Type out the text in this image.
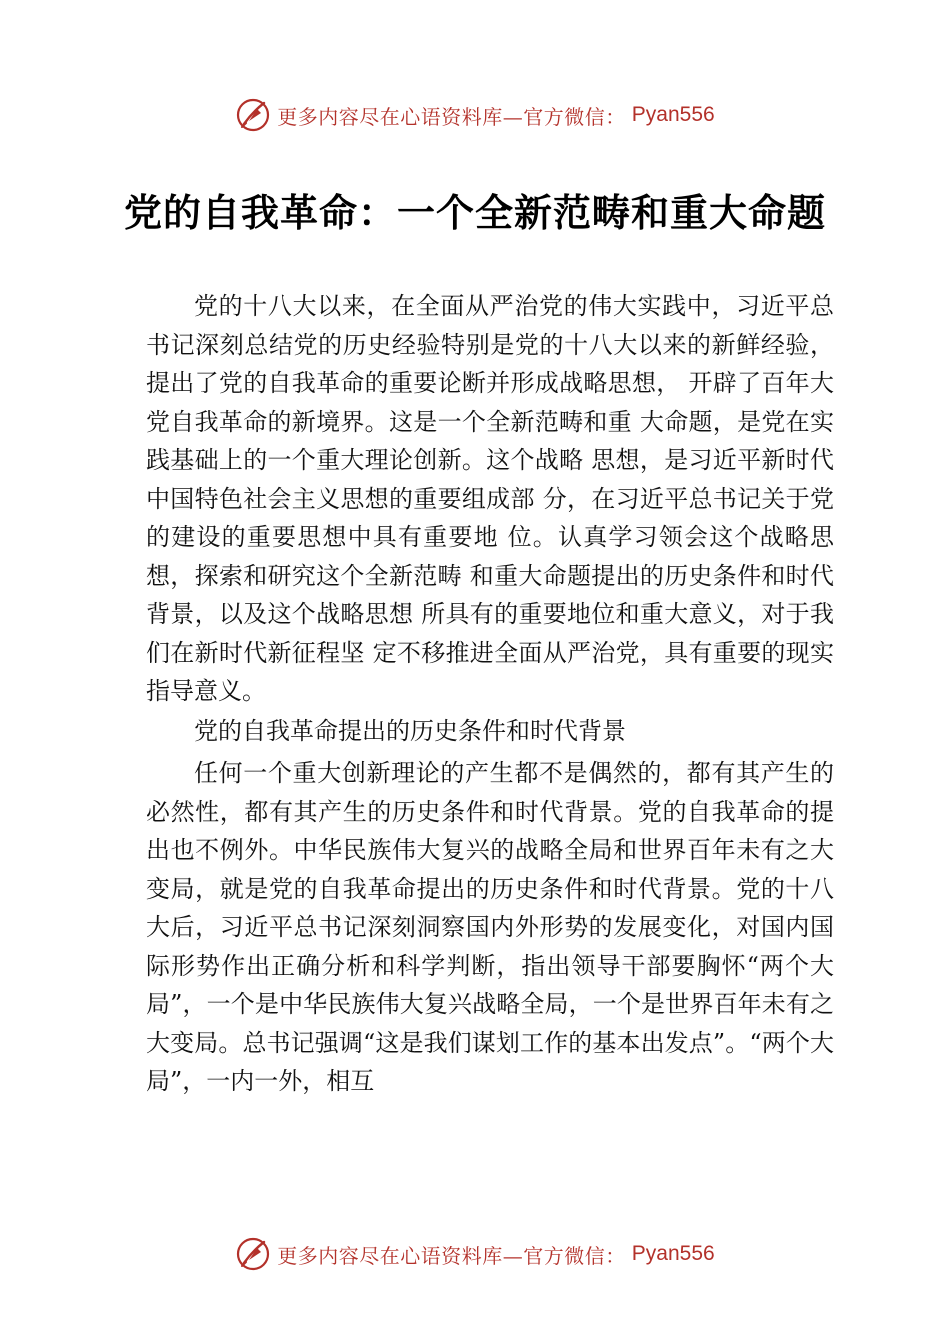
更多内容尽在心语资料库—官方微信： Pyan556
党的自我革命：一个全新范畴和重大命题

党的十八大以来，在全面从严治党的伟大实践中，习近平总书记深刻总结党的历史经验特别是党的十八大以来的新鲜经验，提出了党的自我革命的重要论断并形成战略思想， 开辟了百年大党自我革命的新境界。这是一个全新范畴和重 大命题，是党在实践基础上的一个重大理论创新。这个战略 思想，是习近平新时代中国特色社会主义思想的重要组成部 分，在习近平总书记关于党的建设的重要思想中具有重要地 位。认真学习领会这个战略思想，探索和研究这个全新范畴 和重大命题提出的历史条件和时代背景，以及这个战略思想 所具有的重要地位和重大意义，对于我们在新时代新征程坚 定不移推进全面从严治党，具有重要的现实指导意义。

党的自我革命提出的历史条件和时代背景

任何一个重大创新理论的产生都不是偶然的，都有其产生的必然性，都有其产生的历史条件和时代背景。党的自我革命的提出也不例外。中华民族伟大复兴的战略全局和世界百年未有之大变局，就是党的自我革命提出的历史条件和时代背景。党的十八大后，习近平总书记深刻洞察国内外形势的发展变化，对国内国际形势作出正确分析和科学判断，指出领导干部要胸怀“两个大局”，一个是中华民族伟大复兴战略全局，一个是世界百年未有之大变局。总书记强调“这是我们谋划工作的基本出发点”。“两个大局”，一内一外，相互

更多内容尽在心语资料库—官方微信： Pyan556
